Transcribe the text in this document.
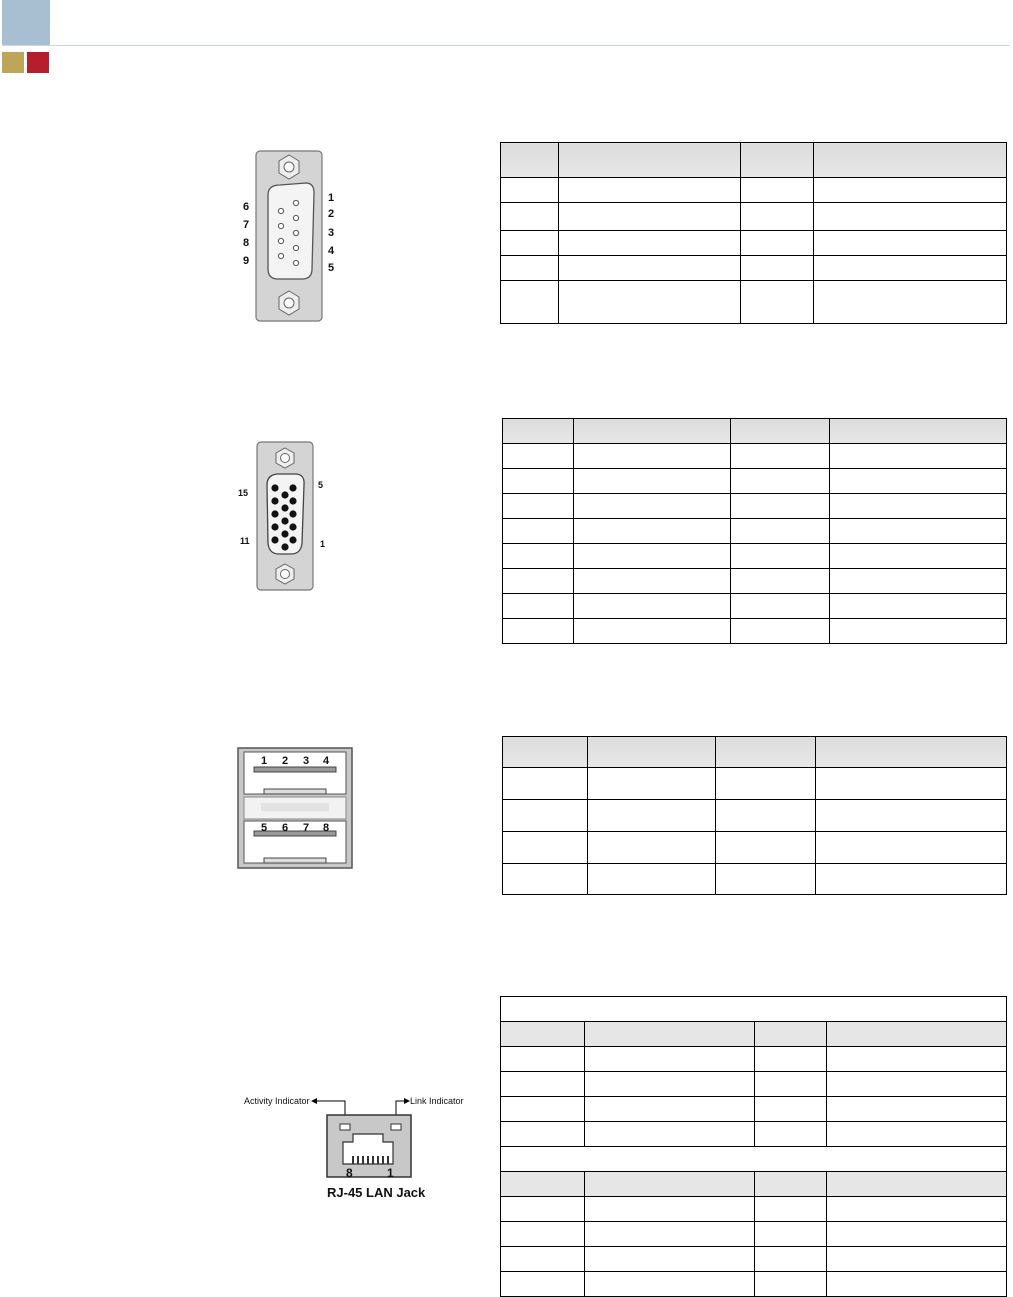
6
7
8
9
1
2
3
4
5

15
5
11	1

1 2 3 4
5 6 7 8

Activity Indicator	Link Indicator
8	1
RJ-45 LAN Jack
